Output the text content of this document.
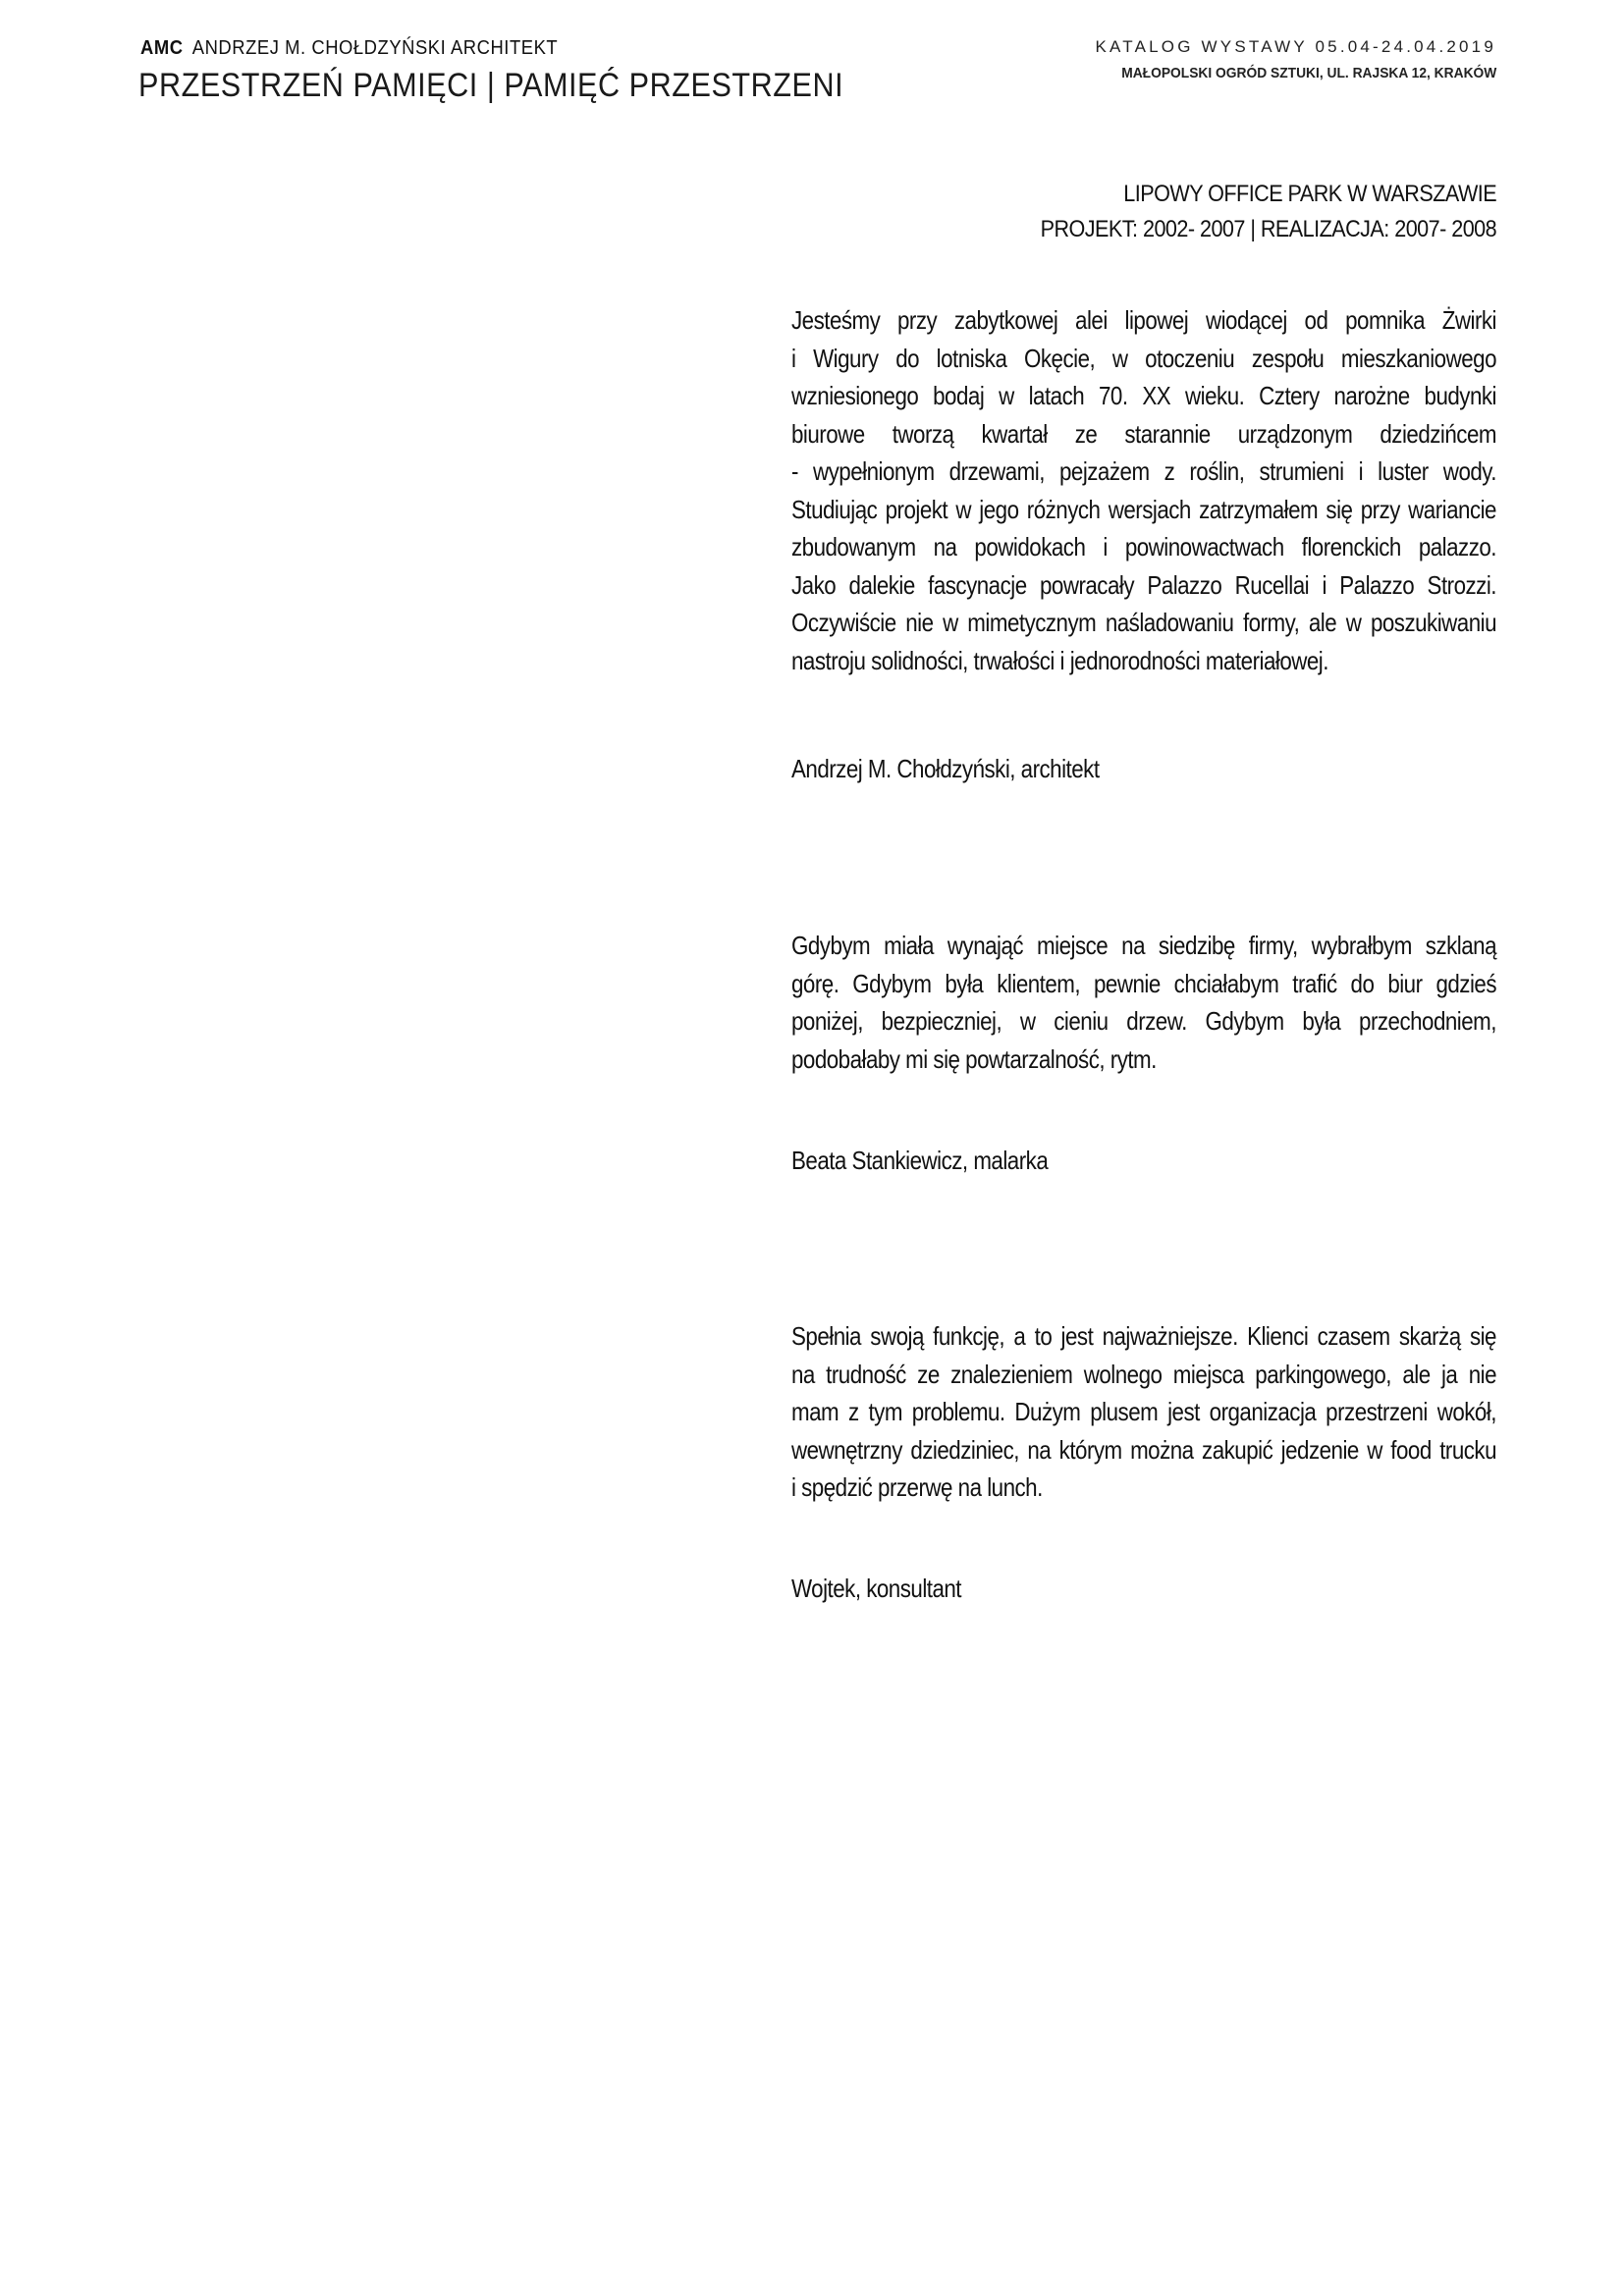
AMC ANDRZEJ M. CHOŁDZYŃSKI ARCHITEKT
PRZESTRZEŃ PAMIĘCI | PAMIĘĆ PRZESTRZENI
KATALOG WYSTAWY 05.04-24.04.2019
MAŁOPOLSKI OGRÓD SZTUKI, UL. RAJSKA 12, KRAKÓW
LIPOWY OFFICE PARK W WARSZAWIE
PROJEKT: 2002- 2007 | REALIZACJA: 2007- 2008
Jesteśmy przy zabytkowej alei lipowej wiodącej od pomnika Żwirki
i Wigury do lotniska Okęcie, w otoczeniu zespołu mieszkaniowego
wzniesionego bodaj w latach 70. XX wieku. Cztery narożne budynki
biurowe tworzą kwartał ze starannie urządzonym dziedzińcem
- wypełnionym drzewami, pejzażem z roślin, strumieni i luster wody.
Studiując projekt w jego różnych wersjach zatrzymałem się przy wariancie
zbudowanym na powidokach i powinowactwach florenckich palazzo.
Jako dalekie fascynacje powracały Palazzo Rucellai i Palazzo Strozzi.
Oczywiście nie w mimetycznym naśladowaniu formy, ale w poszukiwaniu
nastroju solidności, trwałości i jednorodności materiałowej.
Andrzej M. Chołdzyński, architekt
Gdybym miała wynająć miejsce na siedzibę firmy, wybrałbym szklaną
górę. Gdybym była klientem, pewnie chciałabym trafić do biur gdzieś
poniżej, bezpieczniej, w cieniu drzew. Gdybym była przechodniem,
podobałaby mi się powtarzalność, rytm.
Beata Stankiewicz, malarka
Spełnia swoją funkcję, a to jest najważniejsze. Klienci czasem skarżą się
na trudność ze znalezieniem wolnego miejsca parkingowego, ale ja nie
mam z tym problemu. Dużym plusem jest organizacja przestrzeni wokół,
wewnętrzny dziedziniec, na którym można zakupić jedzenie w food trucku
i spędzić przerwę na lunch.
Wojtek, konsultant
